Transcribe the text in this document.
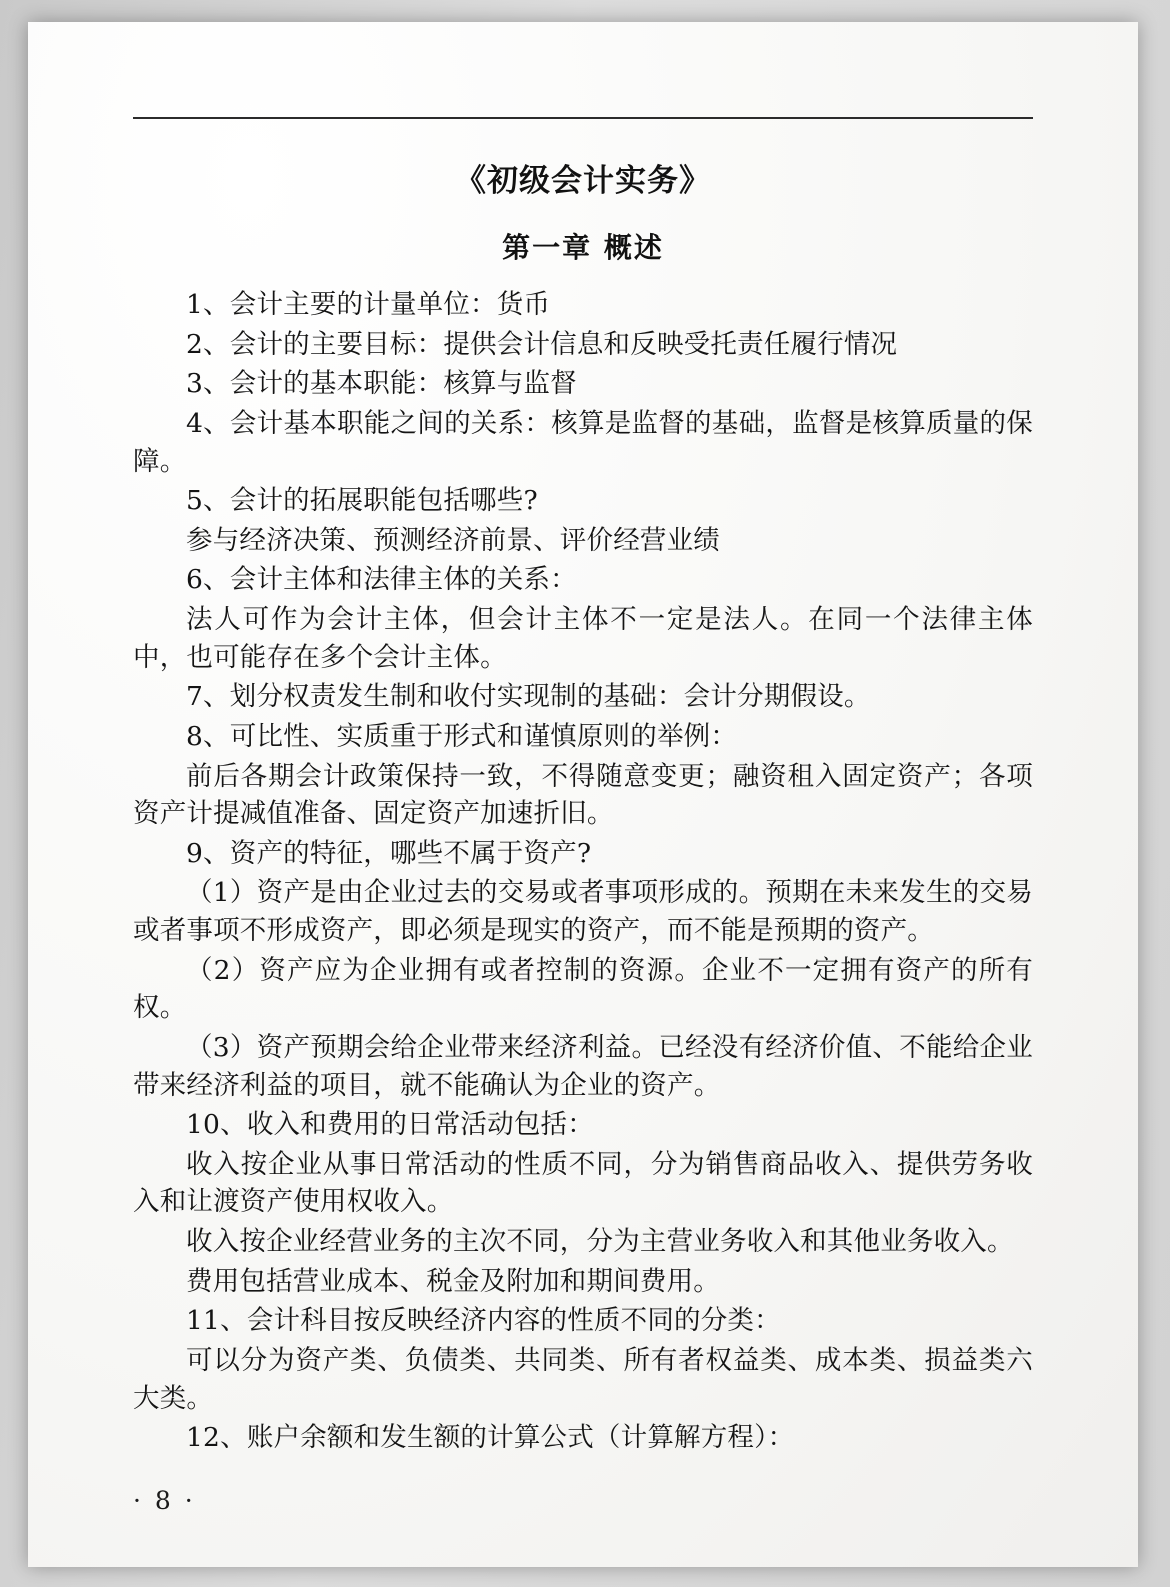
《初级会计实务》
第一章 概述

1、会计主要的计量单位：货币

2、会计的主要目标：提供会计信息和反映受托责任履行情况

3、会计的基本职能：核算与监督

4、会计基本职能之间的关系：核算是监督的基础，监督是核算质量的保障。

5、会计的拓展职能包括哪些?

参与经济决策、预测经济前景、评价经营业绩

6、会计主体和法律主体的关系：

法人可作为会计主体，但会计主体不一定是法人。在同一个法律主体中，也可能存在多个会计主体。

7、划分权责发生制和收付实现制的基础：会计分期假设。

8、可比性、实质重于形式和谨慎原则的举例：

前后各期会计政策保持一致，不得随意变更；融资租入固定资产；各项资产计提减值准备、固定资产加速折旧。

9、资产的特征，哪些不属于资产?

（1）资产是由企业过去的交易或者事项形成的。预期在未来发生的交易或者事项不形成资产，即必须是现实的资产，而不能是预期的资产。

（2）资产应为企业拥有或者控制的资源。企业不一定拥有资产的所有权。

（3）资产预期会给企业带来经济利益。已经没有经济价值、不能给企业带来经济利益的项目，就不能确认为企业的资产。

10、收入和费用的日常活动包括：

收入按企业从事日常活动的性质不同，分为销售商品收入、提供劳务收入和让渡资产使用权收入。

收入按企业经营业务的主次不同，分为主营业务收入和其他业务收入。

费用包括营业成本、税金及附加和期间费用。

11、会计科目按反映经济内容的性质不同的分类：

可以分为资产类、负债类、共同类、所有者权益类、成本类、损益类六大类。

12、账户余额和发生额的计算公式（计算解方程）：

· 8 ·
